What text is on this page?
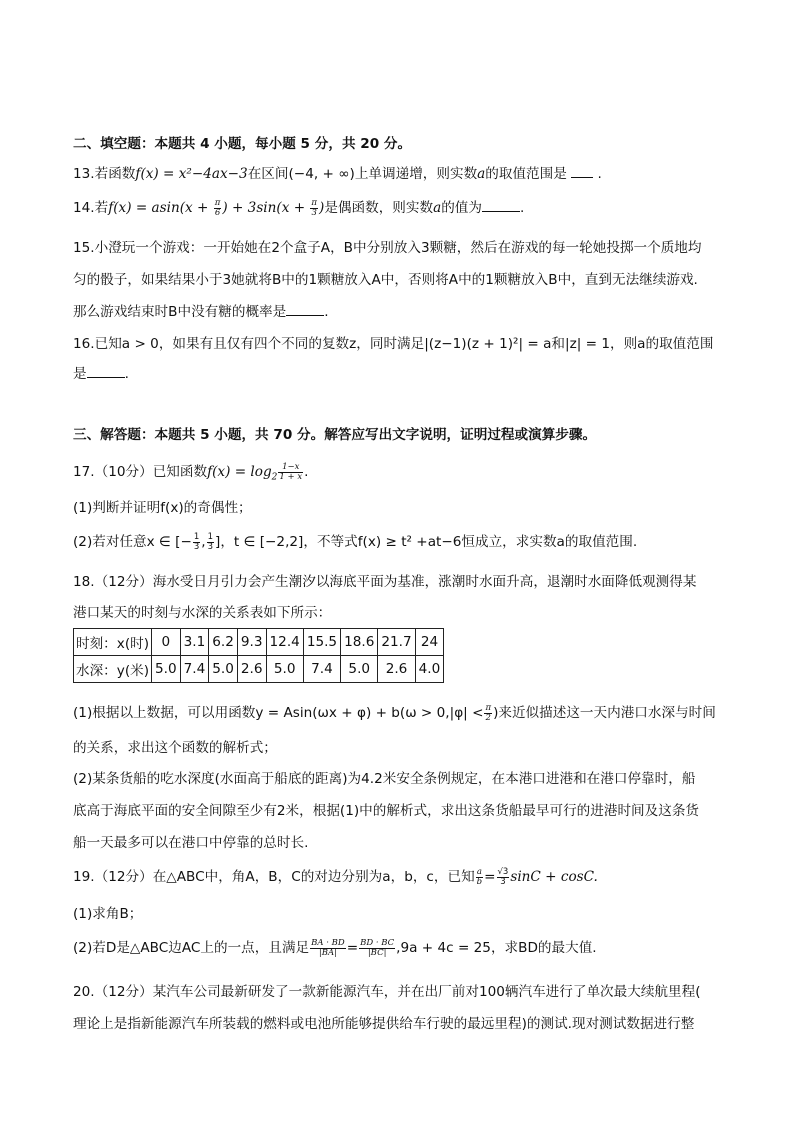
二、填空题：本题共 4 小题，每小题 5 分，共 20 分。
13.若函数f(x) = x²−4ax−3在区间(−4, + ∞)上单调递增，则实数a的取值范围是 .
14.若$f(x) = asin(x + \frac{\pi}{6}$ ) + $3\sin(x + \frac{\pi}{3}$ )是偶函数，则实数a的值为	.
15.小澄玩一个游戏：一开始她在2个盒子A，B中分别放入3颗糖，然后在游戏的每一轮她投掷一个质地均
匀的骰子，如果结果小于3她就将B中的1颗糖放入A中，否则将A中的1颗糖放入B中，直到无法继续游戏.
那么游戏结束时B中没有糖的概率是	.
16.已知a > 0，如果有且仅有四个不同的复数z，同时满足|(z−1)(z + 1)²| = a和|z| = 1，则a的取值范围
是	.
三、解答题：本题共 5 小题，共 70 分。解答应写出文字说明，证明过程或演算步骤。
17.（10分）已知函数$f(x) = \log_2 \frac{1-x}{1 + x}$ .
(1)判断并证明f(x)的奇偶性；
(2)若对任意x ∈ [− $\frac{1}{3}$ , $\frac{1}{3}$ ]，t ∈ [−2,2]，不等式f(x) ≥ t² +at−6恒成立，求实数a的取值范围.
18.（12分）海水受日月引力会产生潮汐以海底平面为基准，涨潮时水面升高，退潮时水面降低观测得某
港口某天的时刻与水深的关系表如下所示：
时刻：x(时)	0	3.1	6.2	9.3	12.4	15.5	18.6	21.7	24
水深：y(米)	5.0	7.4	5.0	2.6	5.0	7.4	5.0	2.6	4.0
(1)根据以上数据，可以用函数$y = Asin(\omega x + \varphi) + b(\omega > 0,|\varphi| < \frac{\pi}{2}$ )来近似描述这一天内港口水深与时间
的关系，求出这个函数的解析式；
(2)某条货船的吃水深度(水面高于船底的距离)为4.2米安全条例规定，在本港口进港和在港口停靠时，船
底高于海底平面的安全间隙至少有2米，根据(1)中的解析式，求出这条货船最早可行的进港时间及这条货
船一天最多可以在港口中停靠的总时长.
19.（12分）在△ABC中，角A，B，C的对边分别为a，b，c，已知 $\frac{a}{b} = \frac{√3}{3}$ sinC + cosC.
(1)求角B；
(2)若D是△ABC边AC上的一点，且满足 $\frac{BA \cdot BD}{|BA|} = \frac{BD \cdot BC}{|BC|} ,9a + 4c = 25$，求BD的最大值.
20.（12分）某汽车公司最新研发了一款新能源汽车，并在出厂前对100辆汽车进行了单次最大续航里程(
理论上是指新能源汽车所装载的燃料或电池所能够提供给车行驶的最远里程)的测试.现对测试数据进行整
